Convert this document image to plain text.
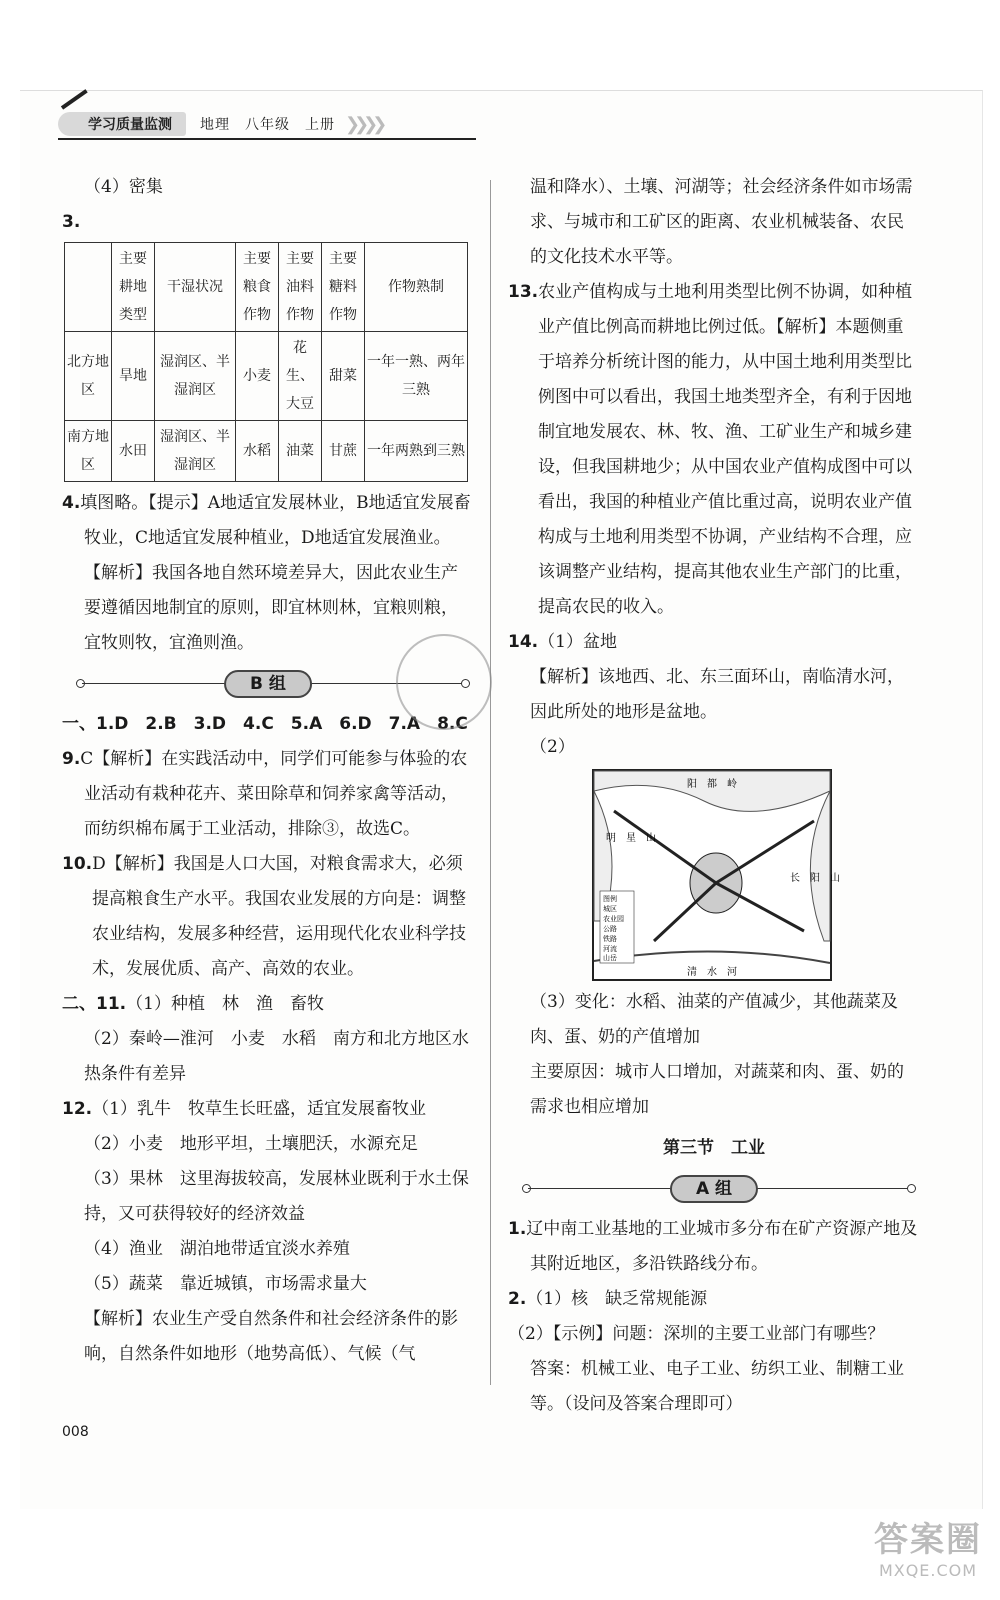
学习质量监测	地理　八年级　上册 ❯❯❯❯

（4）密集

3.

	主要耕地类型	干湿状况	主要粮食作物	主要油料作物	主要糖料作物	作物熟制
北方地区	旱地	湿润区、半湿润区	小麦	花生、大豆	甜菜	一年一熟、两年三熟
南方地区	水田	湿润区、半湿润区	水稻	油菜	甘蔗	一年两熟到三熟

4.填图略。【提示】A地适宜发展林业，B地适宜发展畜牧业，C地适宜发展种植业，D地适宜发展渔业。【解析】我国各地自然环境差异大，因此农业生产要遵循因地制宜的原则，即宜林则林，宜粮则粮，宜牧则牧，宜渔则渔。

B 组

一、1.D　2.B　3.D　4.C　5.A　6.D　7.A　8.C

9.C【解析】在实践活动中，同学们可能参与体验的农业活动有栽种花卉、菜田除草和饲养家禽等活动，而纺织棉布属于工业活动，排除③，故选C。

10.D【解析】我国是人口大国，对粮食需求大，必须提高粮食生产水平。我国农业发展的方向是：调整农业结构，发展多种经营，运用现代化农业科学技术，发展优质、高产、高效的农业。

二、11.（1）种植　林　渔　畜牧

（2）秦岭—淮河　小麦　水稻　南方和北方地区水热条件有差异

12.（1）乳牛　牧草生长旺盛，适宜发展畜牧业

（2）小麦　地形平坦，土壤肥沃，水源充足

（3）果林　这里海拔较高，发展林业既利于水土保持，又可获得较好的经济效益

（4）渔业　湖泊地带适宜淡水养殖

（5）蔬菜　靠近城镇，市场需求量大

【解析】农业生产受自然条件和社会经济条件的影响，自然条件如地形（地势高低）、气候（气

温和降水）、土壤、河湖等；社会经济条件如市场需求、与城市和工矿区的距离、农业机械装备、农民的文化技术水平等。

13.农业产值构成与土地利用类型比例不协调，如种植业产值比例高而耕地比例过低。【解析】本题侧重于培养分析统计图的能力，从中国土地利用类型比例图中可以看出，我国土地类型齐全，有利于因地制宜地发展农、林、牧、渔、工矿业生产和城乡建设，但我国耕地少；从中国农业产值构成图中可以看出，我国的种植业产值比重过高，说明农业产值构成与土地利用类型不协调，产业结构不合理，应该调整产业结构，提高其他农业生产部门的比重，提高农民的收入。

14.（1）盆地

【解析】该地西、北、东三面环山，南临清水河，因此所处的地形是盆地。

（2）

阳　都　岭
明　星　山
长　阳　山
清　水　河
图例
城区
农业园
公路
铁路
河流
山岳

（3）变化：水稻、油菜的产值减少，其他蔬菜及肉、蛋、奶的产值增加

主要原因：城市人口增加，对蔬菜和肉、蛋、奶的需求也相应增加

第三节　工业

A 组

1.辽中南工业基地的工业城市多分布在矿产资源产地及其附近地区，多沿铁路线分布。

2.（1）核　缺乏常规能源

（2）【示例】问题：深圳的主要工业部门有哪些？

答案：机械工业、电子工业、纺织工业、制糖工业等。（设问及答案合理即可）

008
答案圈
MXQE.COM
